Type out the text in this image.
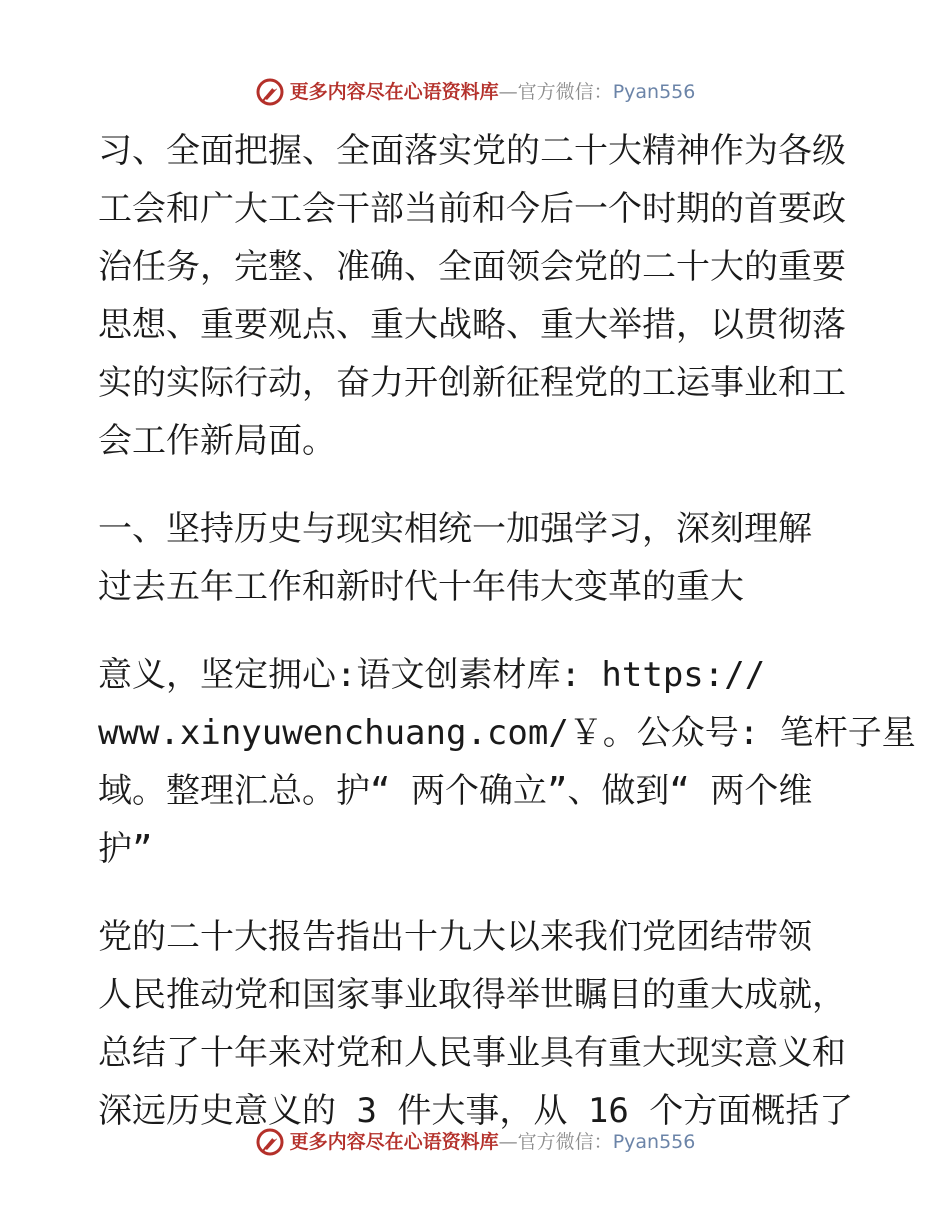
更多内容尽在心语资料库 — 官方微信： Pyan556

习、全面把握、全面落实党的二十大精神作为各级
工会和广大工会干部当前和今后一个时期的首要政
治任务，完整、准确、全面领会党的二十大的重要
思想、重要观点、重大战略、重大举措，以贯彻落
实的实际行动，奋力开创新征程党的工运事业和工
会工作新局面。

一、坚持历史与现实相统一加强学习，深刻理解
过去五年工作和新时代十年伟大变革的重大

意义，坚定拥心:语文创素材库: https://
www.xinyuwenchuang.com/￥。公众号: 笔杆子星
域。整理汇总。护“ 两个确立”、做到“ 两个维
护”

党的二十大报告指出十九大以来我们党团结带领
人民推动党和国家事业取得举世瞩目的重大成就，
总结了十年来对党和人民事业具有重大现实意义和
深远历史意义的 3 件大事，从 16 个方面概括了

更多内容尽在心语资料库 — 官方微信： Pyan556
